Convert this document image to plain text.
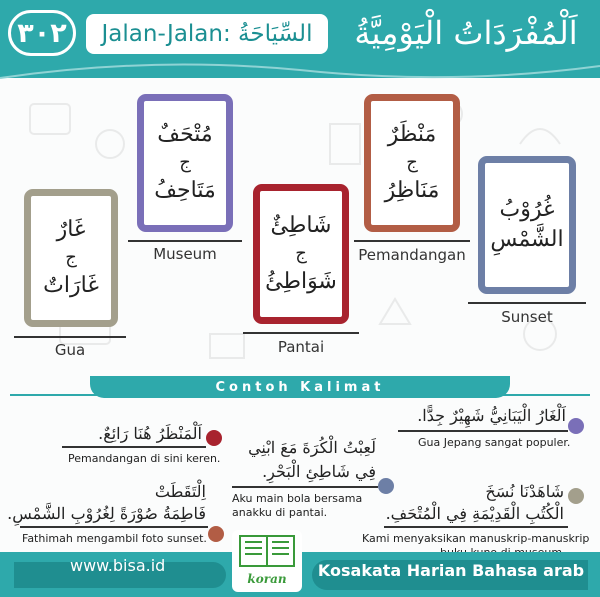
٣٠٢	Jalan-Jalan: السِّيَاحَةُ	اَلْمُفْرَدَاتُ الْيَوْمِيَّةُ
غَارٌ
ج
غَارَاتٌ
Gua
مُتْحَفٌ
ج
مَتَاحِفُ
Museum
شَاطِئٌ
ج
شَوَاطِئُ
Pantai
مَنْظَرٌ
ج
مَنَاظِرُ
Pemandangan
غُرُوْبُ
الشَّمْسِ
Sunset
Contoh Kalimat
اَلْمَنْظَرُ هُنَا رَائِعٌ.
Pemandangan di sini keren.
اِلْتَقَطَتْ
فَاطِمَةُ صُوْرَةً لِغُرُوْبِ الشَّمْسِ.
Fathimah mengambil foto sunset.
لَعِبْتُ الْكُرَةَ مَعَ ابْنِي
فِي شَاطِئِ الْبَحْرِ.
Aku main bola bersama
anakku di pantai.
اَلْغَارُ الْيَبَانِيُّ شَهِيْرٌ جِدًّا.
Gua Jepang sangat populer.
شَاهَدْنَا نُسَخَ
الْكُتُبِ الْقَدِيْمَةِ فِي الْمُتْحَفِ.
Kami menyaksikan manuskrip-manuskrip
www.bisa.id	Kosakata Harian Bahasa arab
koran
